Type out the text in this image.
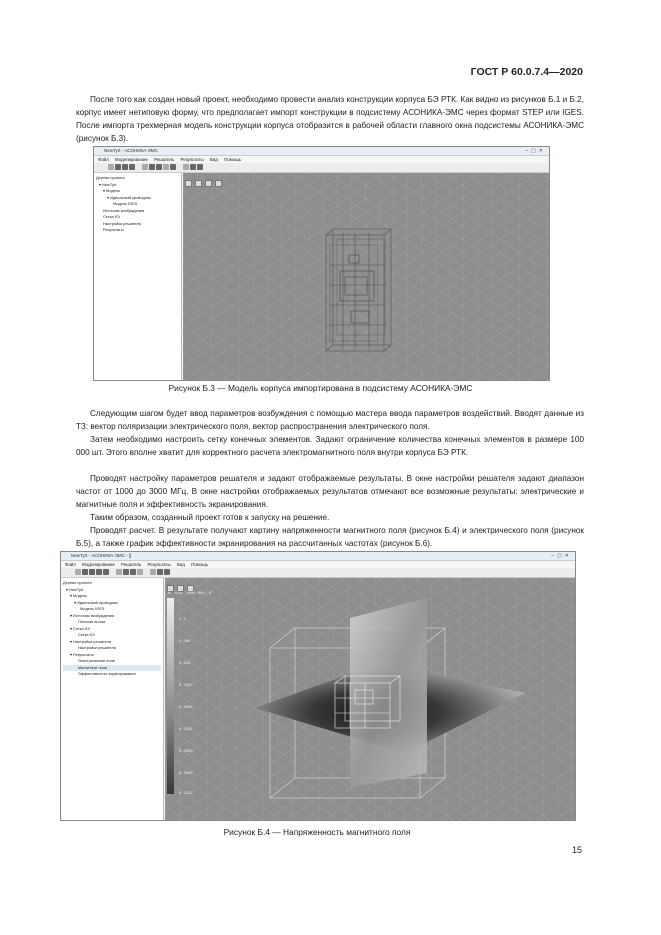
ГОСТ Р 60.0.7.4—2020

После того как создан новый проект, необходимо провести анализ конструкции корпуса БЭ РТК. Как видно из рисунков Б.1 и Б.2, корпус имеет нетиповую форму, что предполагает импорт конструкции в подсистему АСОНИКА-ЭМС через формат STEP или IGES. После импорта трехмерная модель конструкции корпуса отобразится в рабочей области главного окна подсистемы АСОНИКА-ЭМС (рисунок Б.3).

NewTyrt - АСОНИКА-ЭМС	–▢✕
Файл Моделирование Решатель Результаты Вид Помощь
Дерево проекта
▾ NewTyrt
▾ Модель
▾ Идеальный проводник
Модель IGES
Источник возбуждения
Сетка КЭ
Настройка решателя
Результаты
Рисунок Б.3 — Модель корпуса импортирована в подсистему АСОНИКА-ЭМС

Следующим шагом будет ввод параметров возбуждения с помощью мастера ввода параметров воздействий. Вводят данные из ТЗ: вектор поляризации электрического поля, вектор распространения электрического поля.

Затем необходимо настроить сетку конечных элементов. Задают ограничение количества конечных элементов в размере 100 000 шт. Этого вполне хватит для корректного расчета электромагнитного поля внутри корпуса БЭ РТК.

Проводят настройку параметров решателя и задают отображаемые результаты. В окне настройки решателя задают диапазон частот от 1000 до 3000 МГц. В окне настройки отображаемых результатов отмечают все возможные результаты: электрические и магнитные поля и эффективность экранирования.

Таким образом, созданный проект готов к запуску на решение.

Проводят расчет. В результате получают картину напряженности магнитного поля (рисунок Б.4) и электрического поля (рисунок Б.5), а также график эффективности экранирования на рассчитанных частотах (рисунок Б.6).

NewTyrt - АСОНИКА-ЭМС - []	–▢✕
Файл Моделирование Решатель Результаты Вид Помощь
Дерево проекта
▾ NewTyrt
▾ Модель
▾ Идеальный проводник
Модель IGES
▾ Источник возбуждения
Плоская волна
▾ Сетка КЭ
Сетка КЭ
▾ Настройка решателя
Настройки решателя
▾ Результаты
Электрическое поле
Магнитное поле
Эффективность экранирования
H, A/m, 2000 MHz, 0°
1.2
1.066
0.933
0.7997
0.6664
0.5331
0.3998
0.2665
0.1332
Рисунок Б.4 — Напряженность магнитного поля
15
